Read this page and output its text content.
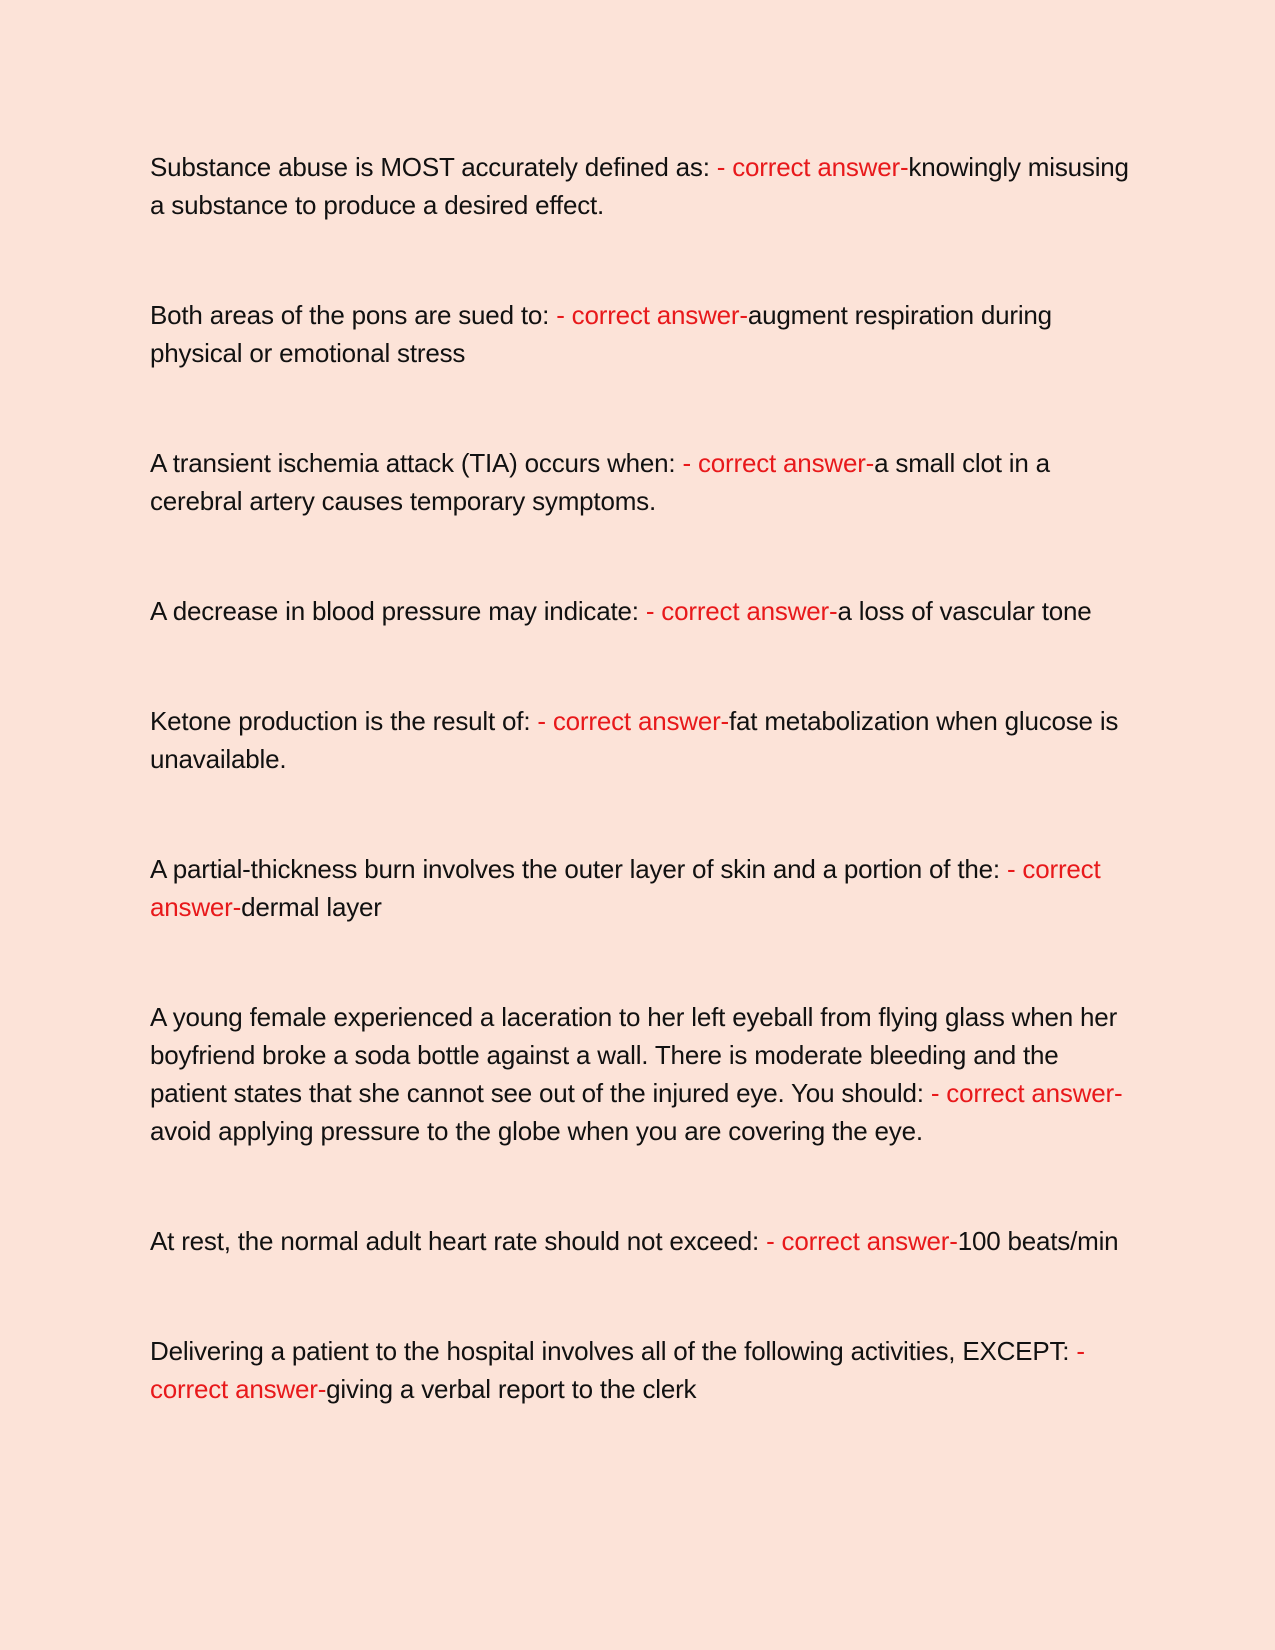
Substance abuse is MOST accurately defined as: - correct answer-knowingly misusing a substance to produce a desired effect.

Both areas of the pons are sued to: - correct answer-augment respiration during physical or emotional stress

A transient ischemia attack (TIA) occurs when: - correct answer-a small clot in a cerebral artery causes temporary symptoms.

A decrease in blood pressure may indicate: - correct answer-a loss of vascular tone

Ketone production is the result of: - correct answer-fat metabolization when glucose is unavailable.

A partial-thickness burn involves the outer layer of skin and a portion of the: - correct answer-dermal layer

A young female experienced a laceration to her left eyeball from flying glass when her boyfriend broke a soda bottle against a wall. There is moderate bleeding and the patient states that she cannot see out of the injured eye. You should: - correct answer-avoid applying pressure to the globe when you are covering the eye.

At rest, the normal adult heart rate should not exceed: - correct answer-100 beats/min

Delivering a patient to the hospital involves all of the following activities, EXCEPT: - correct answer-giving a verbal report to the clerk
